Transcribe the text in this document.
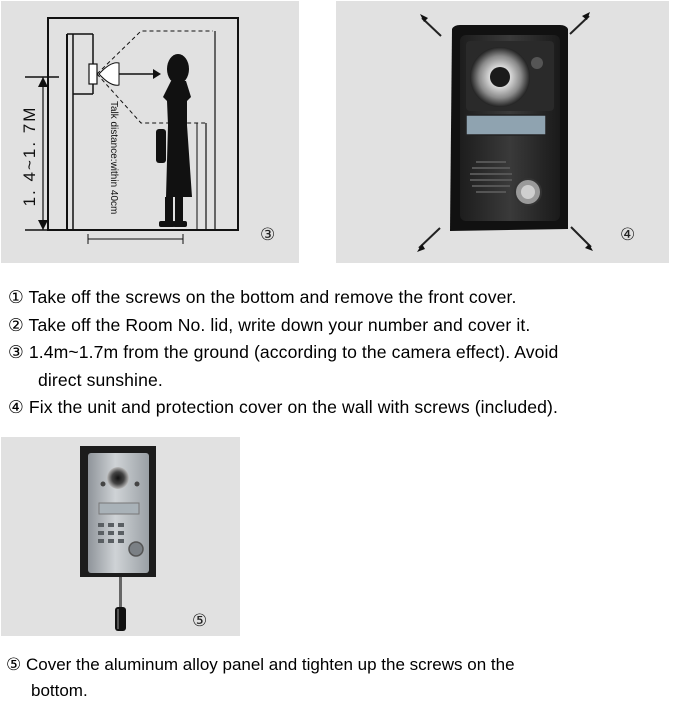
1. 4~1. 7M	Talk distance:within 40cm
③	④

① Take off the screws on the bottom and remove the front cover.

② Take off the Room No. lid, write down your number and cover it.

③ 1.4m~1.7m from the ground (according to the camera effect). Avoid

direct sunshine.

④ Fix the unit and protection cover on the wall with screws (included).

⑤

⑤ Cover the aluminum alloy panel and tighten up the screws on the

bottom.
